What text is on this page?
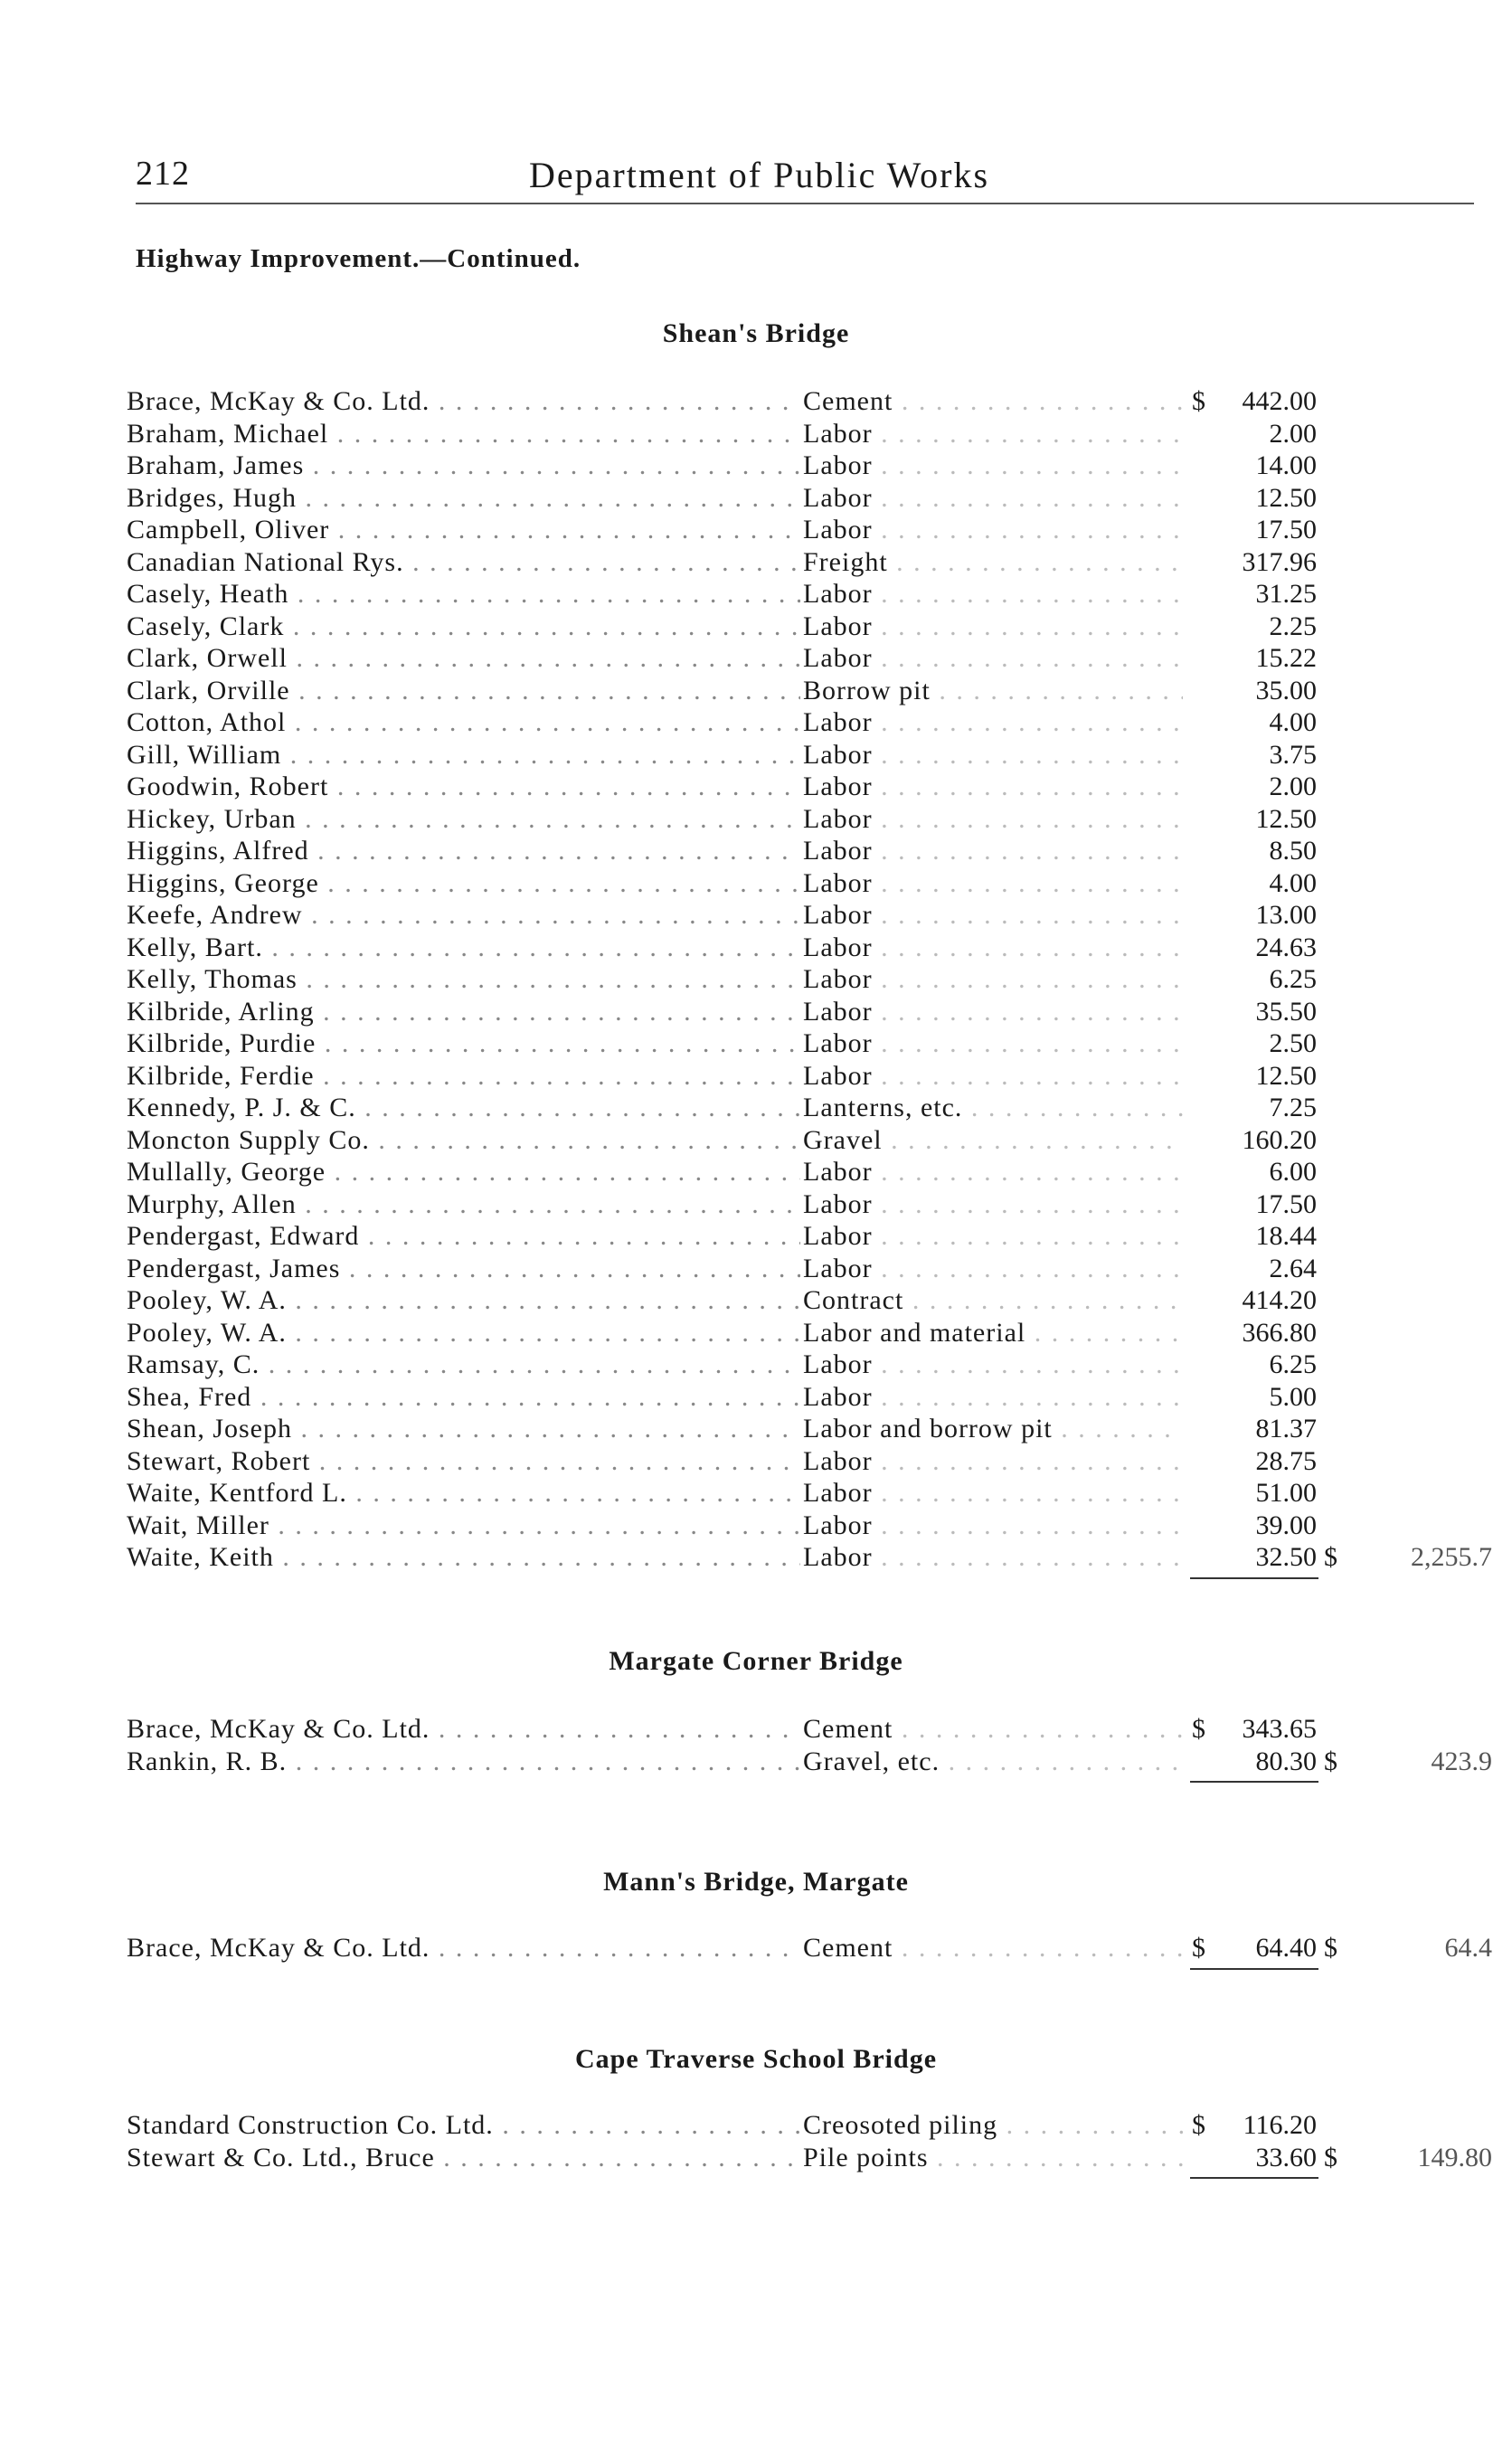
212	Department of Public Works
Highway Improvement.—Continued.
Shean's Bridge
Brace, McKay & Co. Ltd. . . .	Cement . . .	$	442.00
Braham, Michael . . .	Labor . . .	2.00
Braham, James . . .	Labor . . .	14.00
Bridges, Hugh . . .	Labor . . .	12.50
Campbell, Oliver . . .	Labor . . .	17.50
Canadian National Rys. . . .	Freight . . .	317.96
Casely, Heath . . .	Labor . . .	31.25
Casely, Clark . . .	Labor . . .	2.25
Clark, Orwell . . .	Labor . . .	15.22
Clark, Orville . . .	Borrow pit . . .	35.00
Cotton, Athol . . .	Labor . . .	4.00
Gill, William . . .	Labor . . .	3.75
Goodwin, Robert . . .	Labor . . .	2.00
Hickey, Urban . . .	Labor . . .	12.50
Higgins, Alfred . . .	Labor . . .	8.50
Higgins, George . . .	Labor . . .	4.00
Keefe, Andrew . . .	Labor . . .	13.00
Kelly, Bart. . . .	Labor . . .	24.63
Kelly, Thomas . . .	Labor . . .	6.25
Kilbride, Arling . . .	Labor . . .	35.50
Kilbride, Purdie . . .	Labor . . .	2.50
Kilbride, Ferdie . . .	Labor . . .	12.50
Kennedy, P. J. & C. . . .	Lanterns, etc. . . .	7.25
Moncton Supply Co. . . .	Gravel . . .	160.20
Mullally, George . . .	Labor . . .	6.00
Murphy, Allen . . .	Labor . . .	17.50
Pendergast, Edward . . .	Labor . . .	18.44
Pendergast, James . . .	Labor . . .	2.64
Pooley, W. A. . . .	Contract . . .	414.20
Pooley, W. A. . . .	Labor and material . . .	366.80
Ramsay, C. . . .	Labor . . .	6.25
Shea, Fred . . .	Labor . . .	5.00
Shean, Joseph . . .	Labor and borrow pit . . .	81.37
Stewart, Robert . . .	Labor . . .	28.75
Waite, Kentford L. . . .	Labor . . .	51.00
Wait, Miller . . .	Labor . . .	39.00
Waite, Keith . . .	Labor . . .	32.50 $	2,255.7
Margate Corner Bridge
Brace, McKay & Co. Ltd. . . .	Cement . . .	$	343.65
Rankin, R. B. . . .	Gravel, etc. . . .	80.30 $	423.9
Mann's Bridge, Margate
Brace, McKay & Co. Ltd. . . .	Cement . . .	$	64.40 $	64.4
Cape Traverse School Bridge
Standard Construction Co. Ltd. . . .	Creosoted piling . . .	$	116.20
Stewart & Co. Ltd., Bruce . . .	Pile points . . .	33.60 $	149.80
